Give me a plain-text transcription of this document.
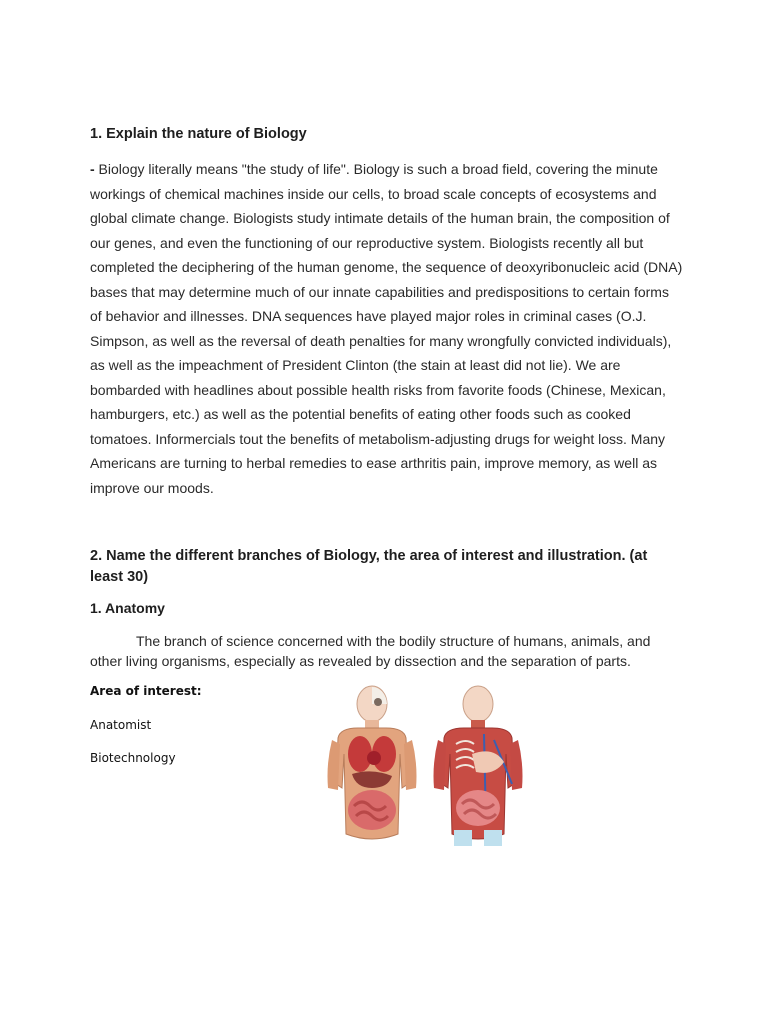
1. Explain the nature of Biology

- Biology literally means "the study of life". Biology is such a broad field, covering the minute workings of chemical machines inside our cells, to broad scale concepts of ecosystems and global climate change. Biologists study intimate details of the human brain, the composition of our genes, and even the functioning of our reproductive system. Biologists recently all but completed the deciphering of the human genome, the sequence of deoxyribonucleic acid (DNA) bases that may determine much of our innate capabilities and predispositions to certain forms of behavior and illnesses. DNA sequences have played major roles in criminal cases (O.J. Simpson, as well as the reversal of death penalties for many wrongfully convicted individuals), as well as the impeachment of President Clinton (the stain at least did not lie). We are bombarded with headlines about possible health risks from favorite foods (Chinese, Mexican, hamburgers, etc.) as well as the potential benefits of eating other foods such as cooked tomatoes. Informercials tout the benefits of metabolism-adjusting drugs for weight loss. Many Americans are turning to herbal remedies to ease arthritis pain, improve memory, as well as improve our moods.

2. Name the different branches of Biology, the area of interest and illustration. (at least 30)
1. Anatomy

The branch of science concerned with the bodily structure of humans, animals, and other living organisms, especially as revealed by dissection and the separation of parts.

Area of interest:
Anatomist
Biotechnology
